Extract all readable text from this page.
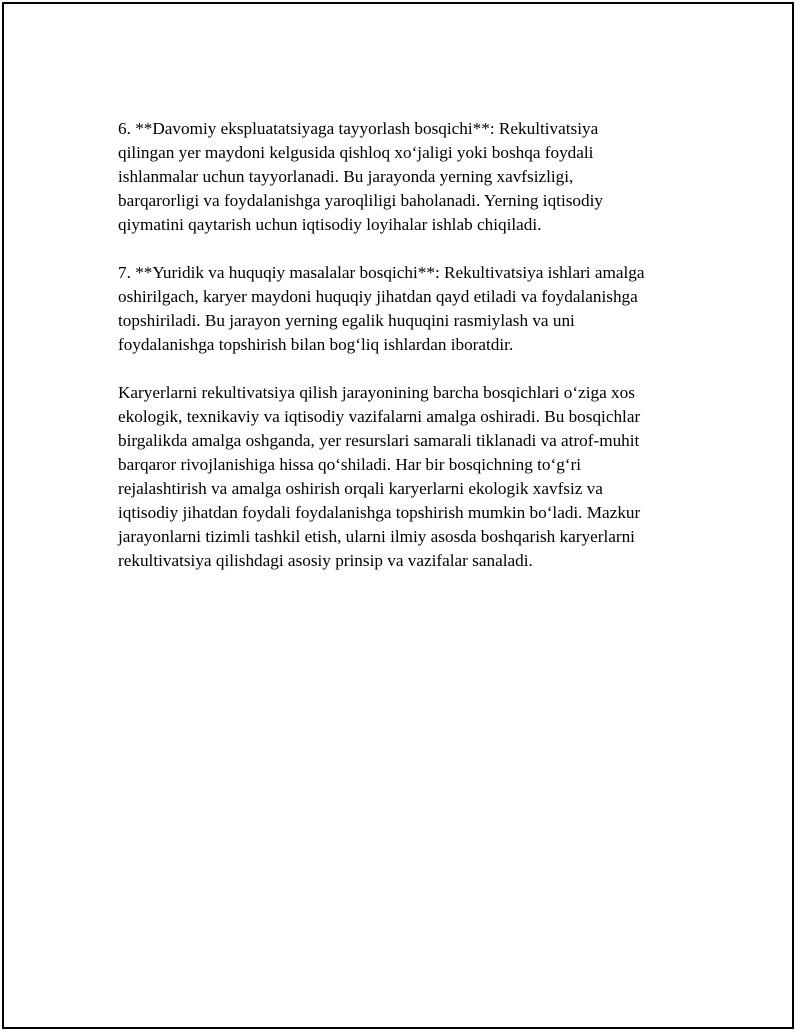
6. **Davomiy ekspluatatsiyaga tayyorlash bosqichi**: Rekultivatsiya
qilingan yer maydoni kelgusida qishloq xo‘jaligi yoki boshqa foydali
ishlanmalar uchun tayyorlanadi. Bu jarayonda yerning xavfsizligi,
barqarorligi va foydalanishga yaroqliligi baholanadi. Yerning iqtisodiy
qiymatini qaytarish uchun iqtisodiy loyihalar ishlab chiqiladi.

7. **Yuridik va huquqiy masalalar bosqichi**: Rekultivatsiya ishlari amalga
oshirilgach, karyer maydoni huquqiy jihatdan qayd etiladi va foydalanishga
topshiriladi. Bu jarayon yerning egalik huquqini rasmiylash va uni
foydalanishga topshirish bilan bog‘liq ishlardan iboratdir.

Karyerlarni rekultivatsiya qilish jarayonining barcha bosqichlari o‘ziga xos
ekologik, texnikaviy va iqtisodiy vazifalarni amalga oshiradi. Bu bosqichlar
birgalikda amalga oshganda, yer resurslari samarali tiklanadi va atrof-muhit
barqaror rivojlanishiga hissa qo‘shiladi. Har bir bosqichning to‘g‘ri
rejalashtirish va amalga oshirish orqali karyerlarni ekologik xavfsiz va
iqtisodiy jihatdan foydali foydalanishga topshirish mumkin bo‘ladi. Mazkur
jarayonlarni tizimli tashkil etish, ularni ilmiy asosda boshqarish karyerlarni
rekultivatsiya qilishdagi asosiy prinsip va vazifalar sanaladi.
